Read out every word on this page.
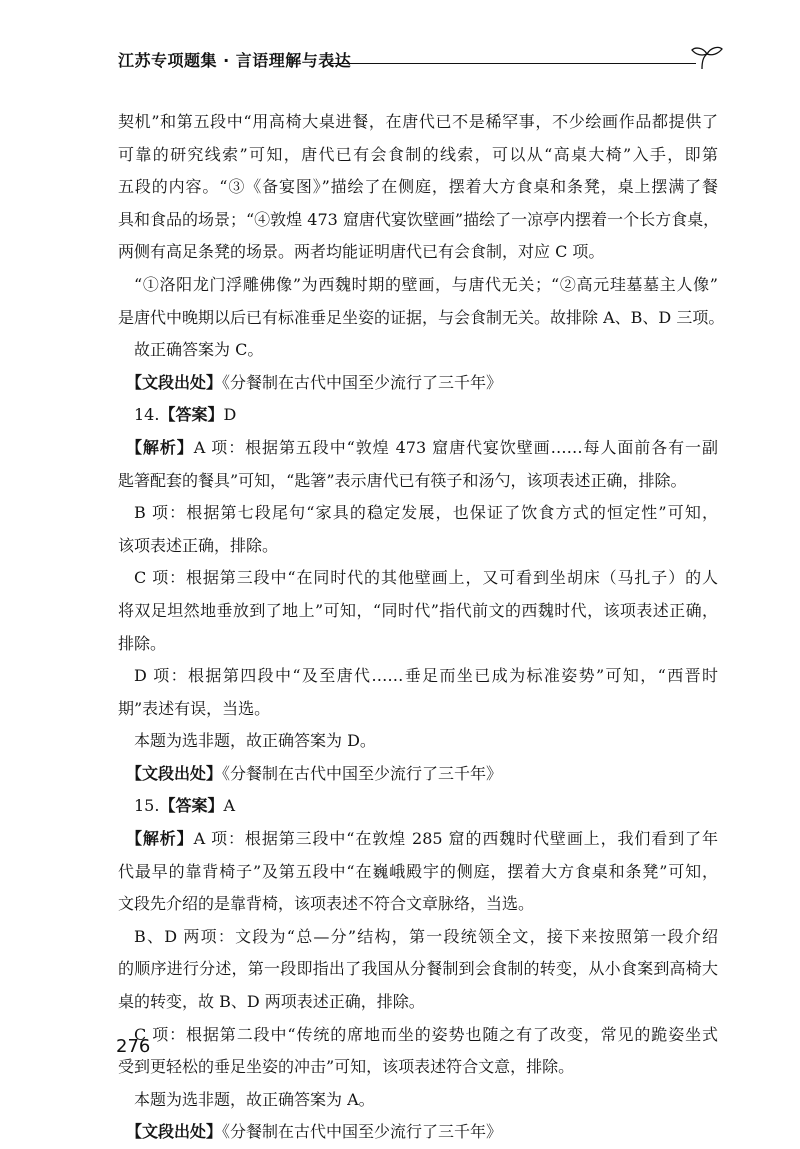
江苏专项题集 · 言语理解与表达
契机”和第五段中“用高椅大桌进餐，在唐代已不是稀罕事，不少绘画作品都提供了
可靠的研究线索”可知，唐代已有会食制的线索，可以从“高桌大椅”入手，即第
五段的内容。“③《备宴图》”描绘了在侧庭，摆着大方食桌和条凳，桌上摆满了餐
具和食品的场景；“④敦煌 473 窟唐代宴饮壁画”描绘了一凉亭内摆着一个长方食桌，
两侧有高足条凳的场景。两者均能证明唐代已有会食制，对应 C 项。
“①洛阳龙门浮雕佛像”为西魏时期的壁画，与唐代无关；“②高元珪墓墓主人像”
是唐代中晚期以后已有标准垂足坐姿的证据，与会食制无关。故排除 A、B、D 三项。
故正确答案为 C。
【文段出处】《分餐制在古代中国至少流行了三千年》
14.【答案】D
【解析】A 项：根据第五段中“敦煌 473 窟唐代宴饮壁画……每人面前各有一副
匙箸配套的餐具”可知，“匙箸”表示唐代已有筷子和汤勺，该项表述正确，排除。
B 项：根据第七段尾句“家具的稳定发展，也保证了饮食方式的恒定性”可知，
该项表述正确，排除。
C 项：根据第三段中“在同时代的其他壁画上，又可看到坐胡床（马扎子）的人
将双足坦然地垂放到了地上”可知，“同时代”指代前文的西魏时代，该项表述正确，
排除。
D 项：根据第四段中“及至唐代……垂足而坐已成为标准姿势”可知，“西晋时
期”表述有误，当选。
本题为选非题，故正确答案为 D。
【文段出处】《分餐制在古代中国至少流行了三千年》
15.【答案】A
【解析】A 项：根据第三段中“在敦煌 285 窟的西魏时代壁画上，我们看到了年
代最早的靠背椅子”及第五段中“在巍峨殿宇的侧庭，摆着大方食桌和条凳”可知，
文段先介绍的是靠背椅，该项表述不符合文章脉络，当选。
B、D 两项：文段为“总—分”结构，第一段统领全文，接下来按照第一段介绍
的顺序进行分述，第一段即指出了我国从分餐制到会食制的转变，从小食案到高椅大
桌的转变，故 B、D 两项表述正确，排除。
C 项：根据第二段中“传统的席地而坐的姿势也随之有了改变，常见的跪姿坐式
受到更轻松的垂足坐姿的冲击”可知，该项表述符合文意，排除。
本题为选非题，故正确答案为 A。
【文段出处】《分餐制在古代中国至少流行了三千年》
276
